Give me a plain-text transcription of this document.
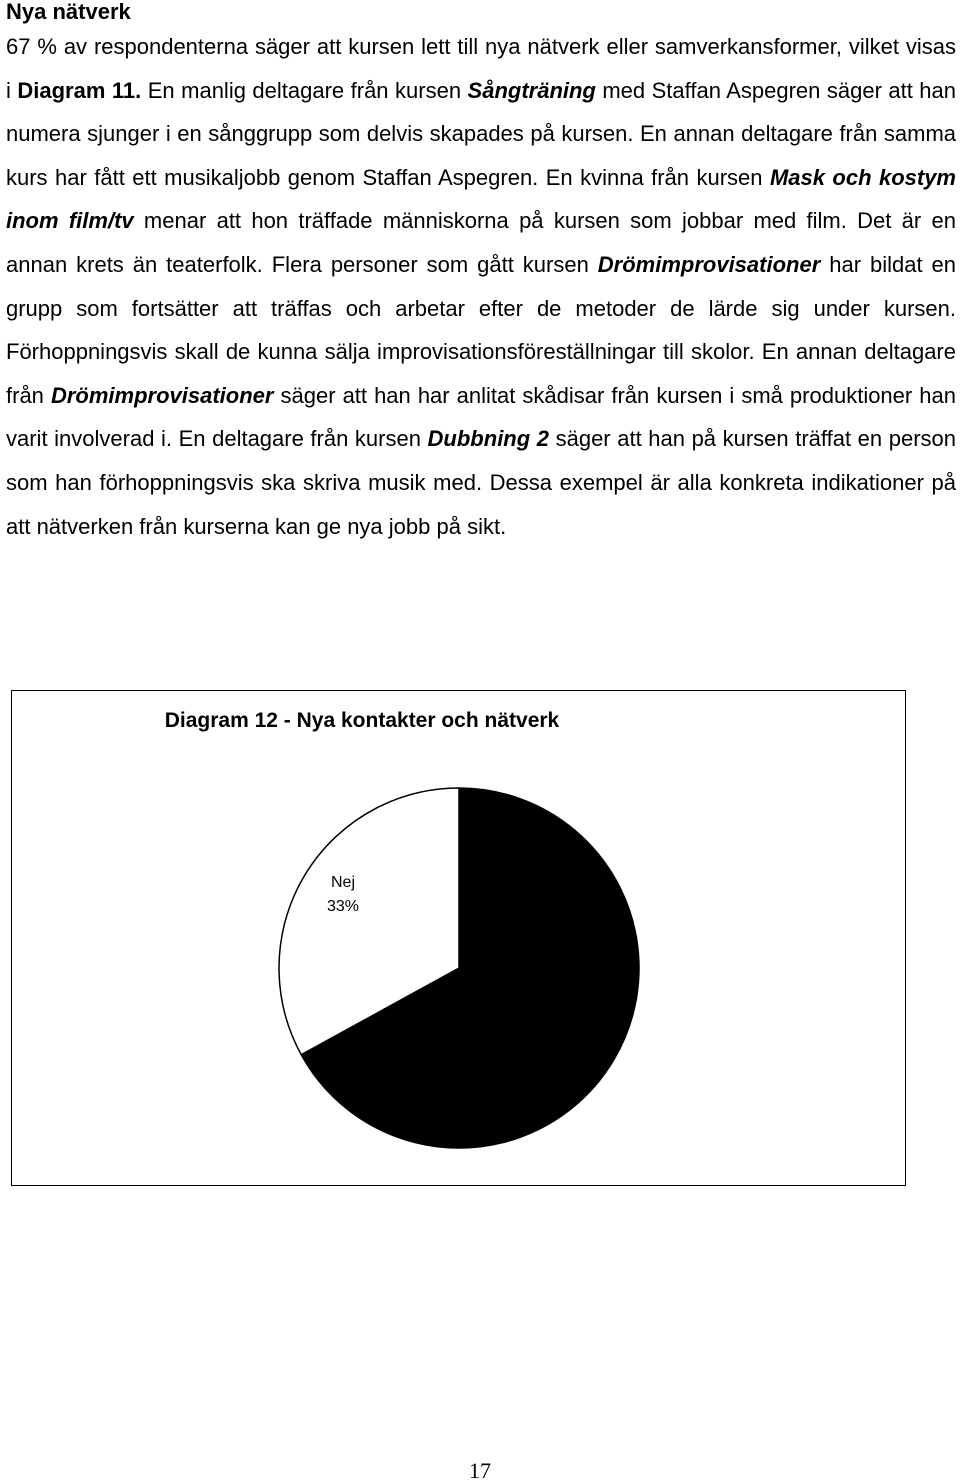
Nya nätverk

67 % av respondenterna säger att kursen lett till nya nätverk eller samverkansformer, vilket visas i Diagram 11. En manlig deltagare från kursen Sångträning med Staffan Aspegren säger att han numera sjunger i en sånggrupp som delvis skapades på kursen. En annan deltagare från samma kurs har fått ett musikaljobb genom Staffan Aspegren. En kvinna från kursen Mask och kostym inom film/tv menar att hon träffade människorna på kursen som jobbar med film. Det är en annan krets än teaterfolk. Flera personer som gått kursen Drömimprovisationer har bildat en grupp som fortsätter att träffas och arbetar efter de metoder de lärde sig under kursen. Förhoppningsvis skall de kunna sälja improvisationsföreställningar till skolor. En annan deltagare från Drömimprovisationer säger att han har anlitat skådisar från kursen i små produktioner han varit involverad i. En deltagare från kursen Dubbning 2 säger att han på kursen träffat en person som han förhoppningsvis ska skriva musik med. Dessa exempel är alla konkreta indikationer på att nätverken från kurserna kan ge nya jobb på sikt.

Diagram 12 - Nya kontakter och nätverk

Ja
67%
Nej
33%

17
